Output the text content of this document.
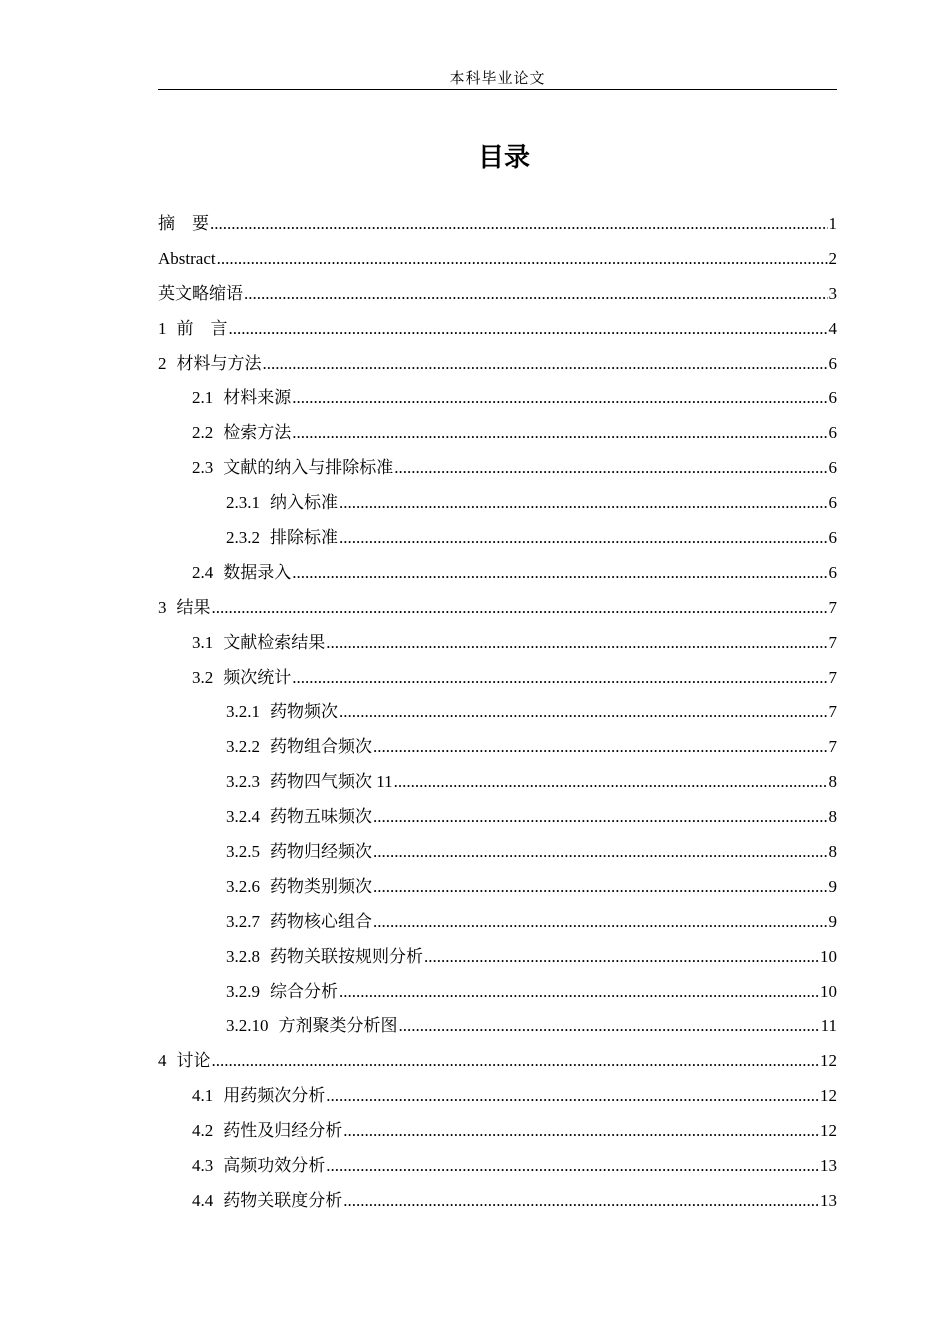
本科毕业论文
目录
摘　要 .....	1
Abstract .....	2
英文略缩语 .....	3
1 前　言 .....	4
2 材料与方法 .....	6
2.1 材料来源 .....	6
2.2 检索方法 .....	6
2.3 文献的纳入与排除标准 .....	6
2.3.1 纳入标准 .....	6
2.3.2 排除标准 .....	6
2.4 数据录入 .....	6
3 结果 .....	7
3.1 文献检索结果 .....	7
3.2 频次统计 .....	7
3.2.1 药物频次 .....	7
3.2.2 药物组合频次 .....	7
3.2.3 药物四气频次 11 .....	8
3.2.4 药物五味频次 .....	8
3.2.5 药物归经频次 .....	8
3.2.6 药物类别频次 .....	9
3.2.7 药物核心组合 .....	9
3.2.8 药物关联按规则分析 .....	10
3.2.9 综合分析 .....	10
3.2.10 方剂聚类分析图 .....	11
4 讨论 .....	12
4.1 用药频次分析 .....	12
4.2 药性及归经分析 .....	12
4.3 高频功效分析 .....	13
4.4 药物关联度分析 .....	13
